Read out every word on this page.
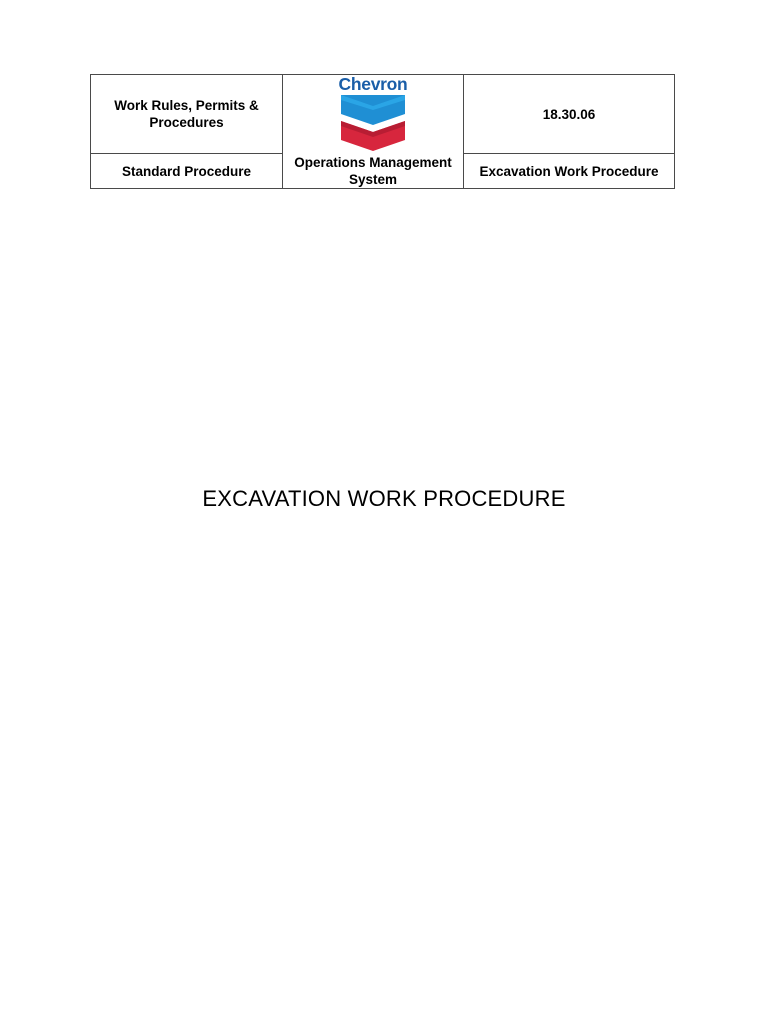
Work Rules, Permits & Procedures	Chevron	18.30.06
Standard Procedure	Operations Management System	Excavation Work Procedure
EXCAVATION WORK PROCEDURE
